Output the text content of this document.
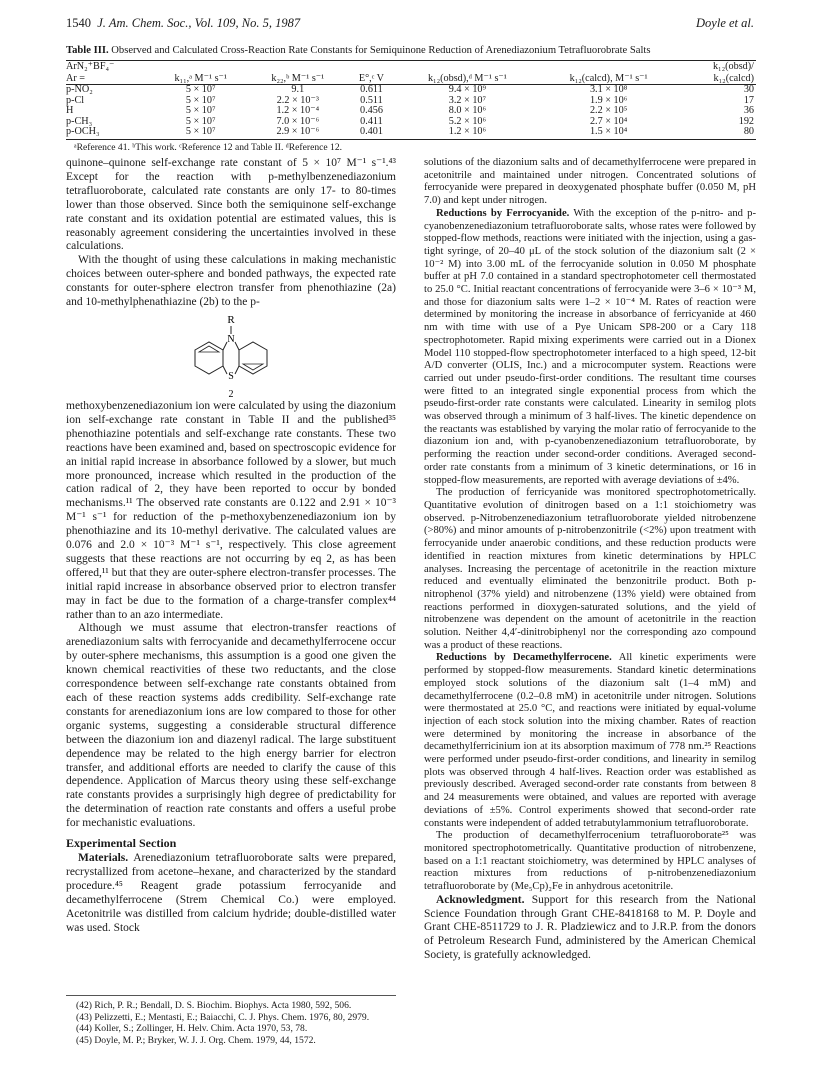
1540 J. Am. Chem. Soc., Vol. 109, No. 5, 1987	Doyle et al.
Table III. Observed and Calculated Cross-Reaction Rate Constants for Semiquinone Reduction of Arenediazonium Tetrafluorobrate Salts
ArN₂⁺BF₄⁻						k₁₂(obsd)/
Ar =	k₁₁,ᵃ M⁻¹ s⁻¹	k₂₂,ᵇ M⁻¹ s⁻¹	E°,ᶜ V	k₁₂(obsd),ᵈ M⁻¹ s⁻¹	k₁₂(calcd), M⁻¹ s⁻¹	k₁₂(calcd)
p-NO₂	5 × 10⁷	9.1	0.611	9.4 × 10⁹	3.1 × 10⁸	30
p-Cl	5 × 10⁷	2.2 × 10⁻³	0.511	3.2 × 10⁷	1.9 × 10⁶	17
H	5 × 10⁷	1.2 × 10⁻⁴	0.456	8.0 × 10⁶	2.2 × 10⁵	36
p-CH₃	5 × 10⁷	7.0 × 10⁻⁶	0.411	5.2 × 10⁶	2.7 × 10⁴	192
p-OCH₃	5 × 10⁷	2.9 × 10⁻⁶	0.401	1.2 × 10⁶	1.5 × 10⁴	80
ᵃReference 41. ᵇThis work. ᶜReference 12 and Table II. ᵈReference 12.

quinone–quinone self-exchange rate constant of 5 × 10⁷ M⁻¹ s⁻¹.⁴³ Except for the reaction with p-methylbenzenediazonium tetrafluoroborate, calculated rate constants are only 17- to 80-times lower than those observed. Since both the semiquinone self-exchange rate constant and its oxidation potential are estimated values, this is reasonably agreement considering the uncertainties involved in these calculations.

With the thought of using these calculations in making mechanistic choices between outer-sphere and bonded pathways, the expected rate constants for outer-sphere electron transfer from phenothiazine (2a) and 10-methylphenathiazine (2b) to the p-

R
N
S
2

methoxybenzenediazonium ion were calculated by using the diazonium ion self-exchange rate constant in Table II and the published³⁵ phenothiazine potentials and self-exchange rate constants. These two reactions have been examined and, based on spectroscopic evidence for an initial rapid increase in absorbance followed by a slower, but much more pronounced, increase which resulted in the production of the cation radical of 2, they have been reported to occur by bonded mechanisms.¹¹ The observed rate constants are 0.122 and 2.91 × 10⁻³ M⁻¹ s⁻¹ for reduction of the p-methoxybenzenediazonium ion by phenothiazine and its 10-methyl derivative. The calculated values are 0.076 and 2.0 × 10⁻³ M⁻¹ s⁻¹, respectively. This close agreement suggests that these reactions are not occurring by eq 2, as has been offered,¹¹ but that they are outer-sphere electron-transfer processes. The initial rapid increase in absorbance observed prior to electron transfer may in fact be due to the formation of a charge-transfer complex⁴⁴ rather than to an azo intermediate.

Although we must assume that electron-transfer reactions of arenediazonium salts with ferrocyanide and decamethylferrocene occur by outer-sphere mechanisms, this assumption is a good one given the known chemical reactivities of these two reductants, and the close correspondence between self-exchange rate constants obtained from each of these reaction systems adds credibility. Self-exchange rate constants for arenediazonium ions are low compared to those for other organic systems, suggesting a considerable structural difference between the diazonium ion and diazenyl radical. The large substituent dependence may be related to the high energy barrier for electron transfer, and additional efforts are needed to clarify the cause of this dependence. Application of Marcus theory using these self-exchange rate constants provides a surprisingly high degree of predictability for the determination of reaction rate constants and offers a useful probe for mechanistic evaluations.

Experimental Section

Materials. Arenediazonium tetrafluoroborate salts were prepared, recrystallized from acetone–hexane, and characterized by the standard procedure.⁴⁵ Reagent grade potassium ferrocyanide and decamethylferrocene (Strem Chemical Co.) were employed. Acetonitrile was distilled from calcium hydride; double-distilled water was used. Stock

(42) Rich, P. R.; Bendall, D. S. Biochim. Biophys. Acta 1980, 592, 506.
(43) Pelizzetti, E.; Mentasti, E.; Baiacchi, C. J. Phys. Chem. 1976, 80, 2979.
(44) Koller, S.; Zollinger, H. Helv. Chim. Acta 1970, 53, 78.
(45) Doyle, M. P.; Bryker, W. J. J. Org. Chem. 1979, 44, 1572.

solutions of the diazonium salts and of decamethylferrocene were prepared in acetonitrile and maintained under nitrogen. Concentrated solutions of ferrocyanide were prepared in deoxygenated phosphate buffer (0.050 M, pH 7.0) and kept under nitrogen.

Reductions by Ferrocyanide. With the exception of the p-nitro- and p-cyanobenzenediazonium tetrafluoroborate salts, whose rates were followed by stopped-flow methods, reactions were initiated with the injection, using a gas-tight syringe, of 20–40 μL of the stock solution of the diazonium salt (2 × 10⁻² M) into 3.00 mL of the ferrocyanide solution in 0.050 M phosphate buffer at pH 7.0 contained in a standard spectrophotometer cell thermostated to 25.0 °C. Initial reactant concentrations of ferrocyanide were 3–6 × 10⁻³ M, and those for diazonium salts were 1–2 × 10⁻⁴ M. Rates of reaction were determined by monitoring the increase in absorbance of ferricyanide at 460 nm with time with use of a Pye Unicam SP8-200 or a Cary 118 spectrophotometer. Rapid mixing experiments were carried out in a Dionex Model 110 stopped-flow spectrophotometer interfaced to a high speed, 12-bit A/D converter (OLIS, Inc.) and a microcomputer system. Reactions were carried out under pseudo-first-order conditions. The resultant time courses were fitted to an integrated single exponential process from which the pseudo-first-order rate constants were calculated. Linearity in semilog plots was observed through a minimum of 3 half-lives. The kinetic dependence on the reactants was established by varying the molar ratio of ferrocyanide to the diazonium ion and, with p-cyanobenzenediazonium tetrafluoroborate, by performing the reaction under second-order conditions. Averaged second-order rate constants from a minimum of 3 kinetic determinations, or 16 in stopped-flow measurements, are reported with average deviations of ±4%.

The production of ferricyanide was monitored spectrophotometrically. Quantitative evolution of dinitrogen based on a 1:1 stoichiometry was observed. p-Nitrobenzenediazonium tetrafluoroborate yielded nitrobenzene (>80%) and minor amounts of p-nitrobenzonitrile (<2%) upon treatment with ferrocyanide under anaerobic conditions, and these reduction products were identified in reaction mixtures from kinetic determinations by HPLC analyses. Increasing the percentage of acetonitrile in the reaction mixture reduced and eventually eliminated the benzonitrile product. Both p-nitrophenol (37% yield) and nitrobenzene (13% yield) were obtained from reactions performed in dioxygen-saturated solutions, and the yield of nitrobenzene was dependent on the amount of acetonitrile in the reaction solution. Neither 4,4′-dinitrobiphenyl nor the corresponding azo compound was a product of these reactions.

Reductions by Decamethylferrocene. All kinetic experiments were performed by stopped-flow measurements. Standard kinetic determinations employed stock solutions of the diazonium salt (1–4 mM) and decamethylferrocene (0.2–0.8 mM) in acetonitrile under nitrogen. Solutions were thermostated at 25.0 °C, and reactions were initiated by equal-volume injection of each stock solution into the mixing chamber. Rates of reaction were determined by monitoring the increase in absorbance of the decamethylferricinium ion at its absorption maximum of 778 nm.²⁵ Reactions were performed under pseudo-first-order conditions, and linearity in semilog plots was observed through 4 half-lives. Reaction order was established as previously described. Averaged second-order rate constants from between 8 and 24 measurements were obtained, and values are reported with average deviations of ±5%. Control experiments showed that second-order rate constants were independent of added tetrabutylammonium tetrafluoroborate.

The production of decamethylferrocenium tetrafluoroborate²⁵ was monitored spectrophotometrically. Quantitative production of nitrobenzene, based on a 1:1 reactant stoichiometry, was determined by HPLC analyses of reaction mixtures from reductions of p-nitrobenzenediazonium tetrafluoroborate by (Me₅Cp)₂Fe in anhydrous acetonitrile.

Acknowledgment. Support for this research from the National Science Foundation through Grant CHE-8418168 to M. P. Doyle and Grant CHE-8511729 to J. R. Pladziewicz and to J.R.P. from the donors of Petroleum Research Fund, administered by the American Chemical Society, is gratefully acknowledged.
